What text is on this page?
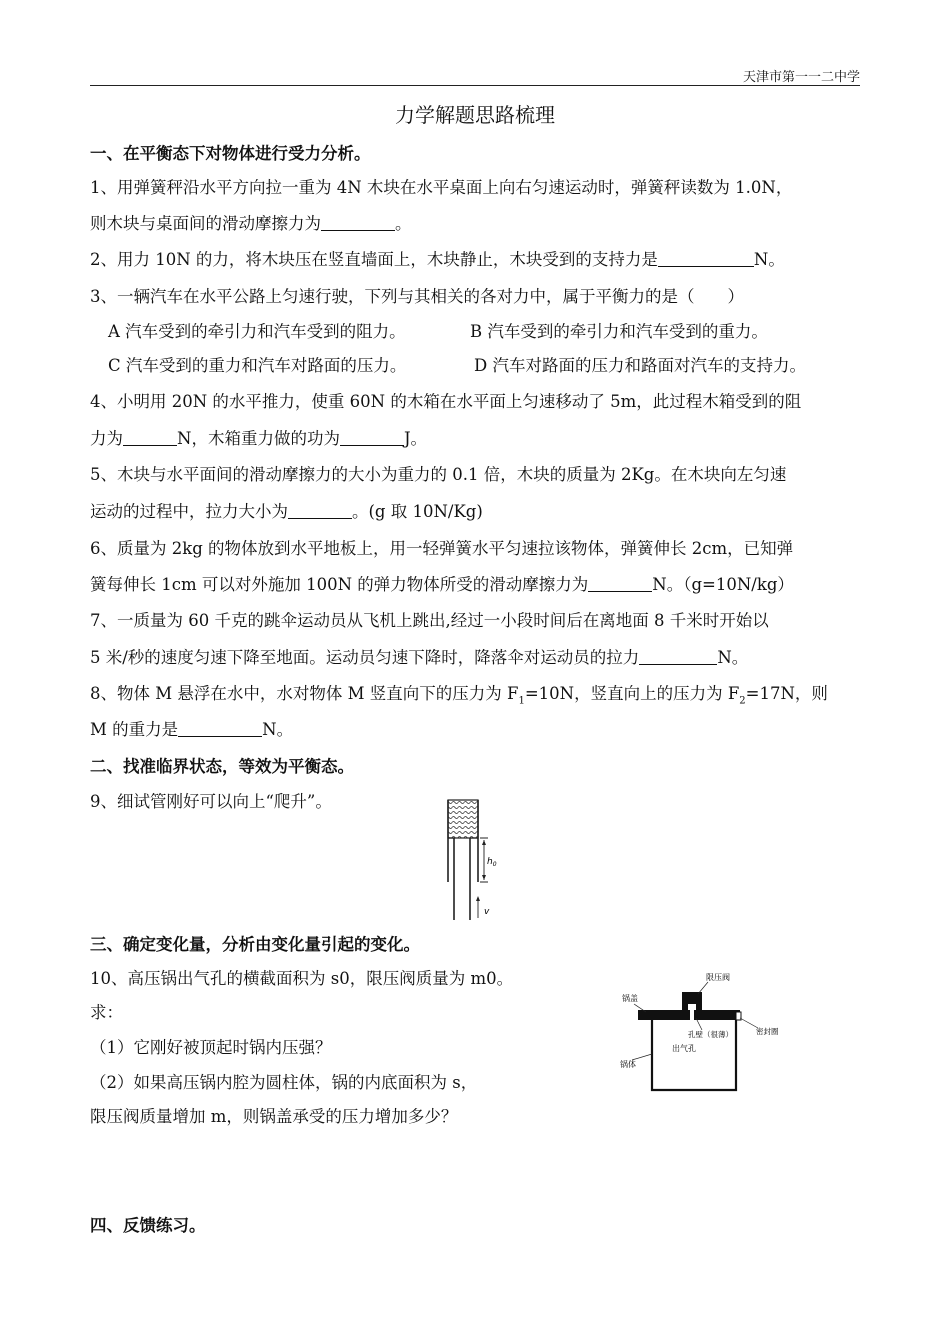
天津市第一一二中学
力学解题思路梳理
一、在平衡态下对物体进行受力分析。
1、用弹簧秤沿水平方向拉一重为 4N 木块在水平桌面上向右匀速运动时，弹簧秤读数为 1.0N，
则木块与桌面间的滑动摩擦力为	。
2、用力 10N 的力，将木块压在竖直墙面上，木块静止，木块受到的支持力是	N。
3、一辆汽车在水平公路上匀速行驶，下列与其相关的各对力中，属于平衡力的是（　　）
A 汽车受到的牵引力和汽车受到的阻力。	B 汽车受到的牵引力和汽车受到的重力。
C 汽车受到的重力和汽车对路面的压力。	D 汽车对路面的压力和路面对汽车的支持力。
4、小明用 20N 的水平推力，使重 60N 的木箱在水平面上匀速移动了 5m，此过程木箱受到的阻
力为	N，木箱重力做的功为	J。
5、木块与水平面间的滑动摩擦力的大小为重力的 0.1 倍，木块的质量为 2Kg。在木块向左匀速
运动的过程中，拉力大小为	。(g 取 10N/Kg)
6、质量为 2kg 的物体放到水平地板上，用一轻弹簧水平匀速拉该物体，弹簧伸长 2cm，已知弹
簧每伸长 1cm 可以对外施加 100N 的弹力物体所受的滑动摩擦力为	N。（g=10N/kg）
7、一质量为 60 千克的跳伞运动员从飞机上跳出,经过一小段时间后在离地面 8 千米时开始以
5 米/秒的速度匀速下降至地面。运动员匀速下降时，降落伞对运动员的拉力	N。
8、物体 M 悬浮在水中，水对物体 M 竖直向下的压力为 $F_1=10N$，竖直向上的压力为 $F_2=17N$，则
M 的重力是	N。
二、找准临界状态，等效为平衡态。
9、细试管刚好可以向上“爬升”。
$h_0$
v
三、确定变化量，分析由变化量引起的变化。
10、高压锅出气孔的横截面积为 s0，限压阀质量为 m0。
求：
（1）它刚好被顶起时锅内压强？
（2）如果高压锅内腔为圆柱体，锅的内底面积为 s，
限压阀质量增加 m，则锅盖承受的压力增加多少？
锅盖
限压阀
孔壁（很薄）	密封圈
出气孔
锅体
四、反馈练习。
